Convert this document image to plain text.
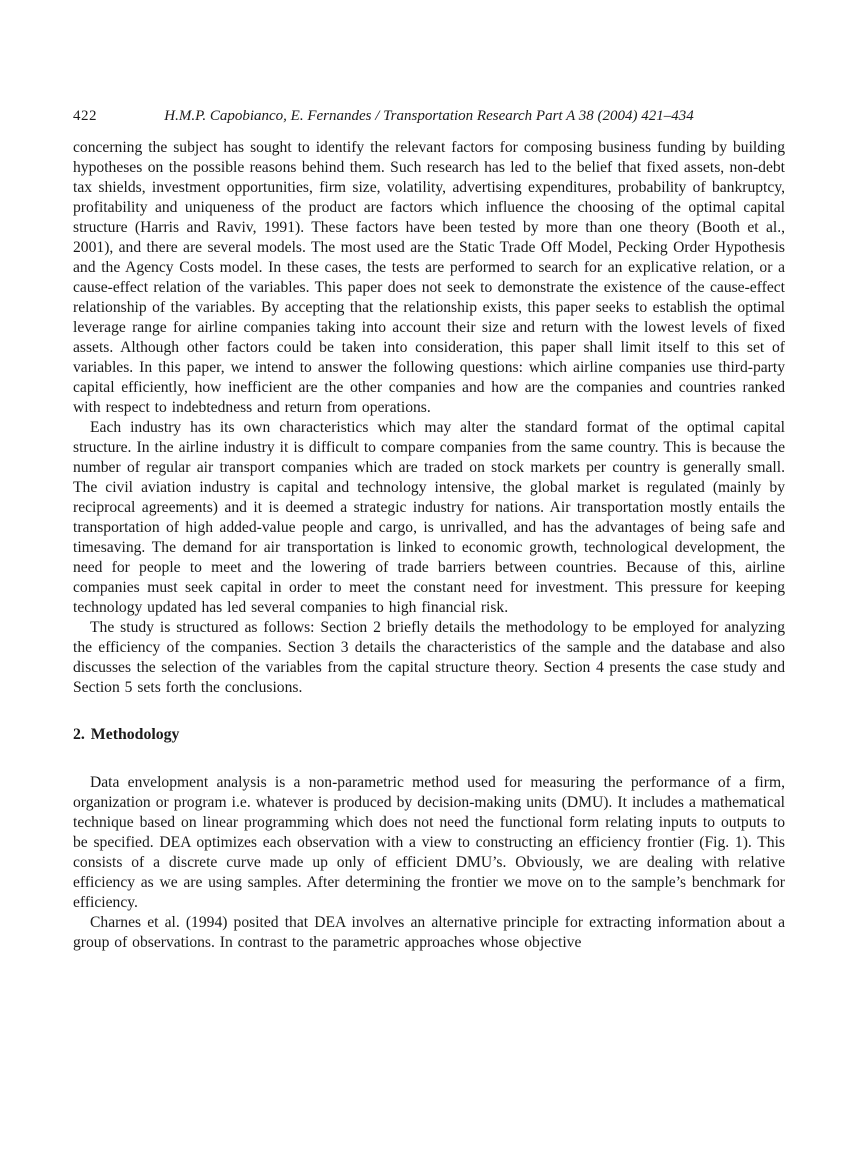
422	H.M.P. Capobianco, E. Fernandes / Transportation Research Part A 38 (2004) 421–434

concerning the subject has sought to identify the relevant factors for composing business funding by building hypotheses on the possible reasons behind them. Such research has led to the belief that fixed assets, non-debt tax shields, investment opportunities, firm size, volatility, advertising expenditures, probability of bankruptcy, profitability and uniqueness of the product are factors which influence the choosing of the optimal capital structure (Harris and Raviv, 1991). These factors have been tested by more than one theory (Booth et al., 2001), and there are several models. The most used are the Static Trade Off Model, Pecking Order Hypothesis and the Agency Costs model. In these cases, the tests are performed to search for an explicative relation, or a cause-effect relation of the variables. This paper does not seek to demonstrate the existence of the cause-effect relationship of the variables. By accepting that the relationship exists, this paper seeks to establish the optimal leverage range for airline companies taking into account their size and return with the lowest levels of fixed assets. Although other factors could be taken into consideration, this paper shall limit itself to this set of variables. In this paper, we intend to answer the following questions: which airline companies use third-party capital efficiently, how inefficient are the other companies and how are the companies and countries ranked with respect to indebtedness and return from operations.

Each industry has its own characteristics which may alter the standard format of the optimal capital structure. In the airline industry it is difficult to compare companies from the same country. This is because the number of regular air transport companies which are traded on stock markets per country is generally small. The civil aviation industry is capital and technology intensive, the global market is regulated (mainly by reciprocal agreements) and it is deemed a strategic industry for nations. Air transportation mostly entails the transportation of high added-value people and cargo, is unrivalled, and has the advantages of being safe and timesaving. The demand for air transportation is linked to economic growth, technological development, the need for people to meet and the lowering of trade barriers between countries. Because of this, airline companies must seek capital in order to meet the constant need for investment. This pressure for keeping technology updated has led several companies to high financial risk.

The study is structured as follows: Section 2 briefly details the methodology to be employed for analyzing the efficiency of the companies. Section 3 details the characteristics of the sample and the database and also discusses the selection of the variables from the capital structure theory. Section 4 presents the case study and Section 5 sets forth the conclusions.

2. Methodology

Data envelopment analysis is a non-parametric method used for measuring the performance of a firm, organization or program i.e. whatever is produced by decision-making units (DMU). It includes a mathematical technique based on linear programming which does not need the functional form relating inputs to outputs to be specified. DEA optimizes each observation with a view to constructing an efficiency frontier (Fig. 1). This consists of a discrete curve made up only of efficient DMU’s. Obviously, we are dealing with relative efficiency as we are using samples. After determining the frontier we move on to the sample’s benchmark for efficiency.

Charnes et al. (1994) posited that DEA involves an alternative principle for extracting information about a group of observations. In contrast to the parametric approaches whose objective
